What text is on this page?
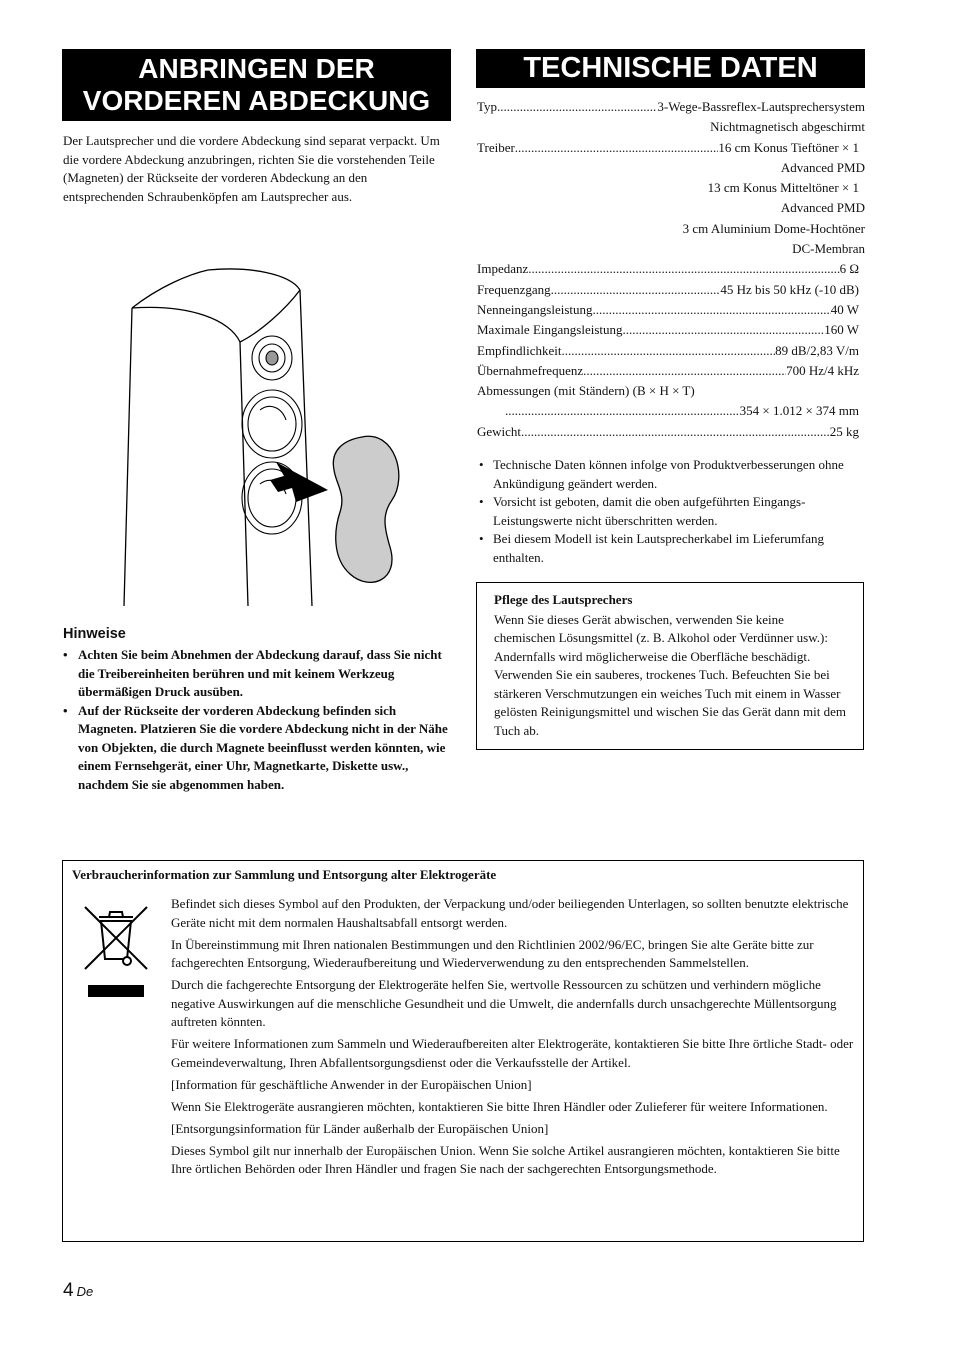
ANBRINGEN DER
VORDEREN ABDECKUNG
TECHNISCHE DATEN
Der Lautsprecher und die vordere Abdeckung sind separat verpackt. Um die vordere Abdeckung anzubringen, richten Sie die vorstehenden Teile (Magneten) der Rückseite der vorderen Abdeckung an den entsprechenden Schraubenköpfen am Lautsprecher aus.
Hinweise
• Achten Sie beim Abnehmen der Abdeckung darauf, dass Sie nicht die Treibereinheiten berühren und mit keinem Werkzeug übermäßigen Druck ausüben.
• Auf der Rückseite der vorderen Abdeckung befinden sich Magneten. Platzieren Sie die vordere Abdeckung nicht in der Nähe von Objekten, die durch Magnete beeinflusst werden könnten, wie einem Fernsehgerät, einer Uhr, Magnetkarte, Diskette usw., nachdem Sie sie abgenommen haben.
Typ .....	3-Wege-Bassreflex-Lautsprechersystem
Nichtmagnetisch abgeschirmt
Treiber .....	16 cm Konus Tieftöner × 1
Advanced PMD
13 cm Konus Mitteltöner × 1
Advanced PMD
3 cm Aluminium Dome-Hochtöner
DC-Membran
Impedanz .....	6 Ω
Frequenzgang .....	45 Hz bis 50 kHz (-10 dB)
Nenneingangsleistung .....	40 W
Maximale Eingangsleistung .....	160 W
Empfindlichkeit .....	89 dB/2,83 V/m
Übernahmefrequenz .....	700 Hz/4 kHz
Abmessungen (mit Ständern) (B × H × T)
.....
354 × 1.012 × 374 mm
Gewicht .....	25 kg
• Technische Daten können infolge von Produktverbesserungen ohne Ankündigung geändert werden.
• Vorsicht ist geboten, damit die oben aufgeführten Eingangs-Leistungswerte nicht überschritten werden.
• Bei diesem Modell ist kein Lautsprecherkabel im Lieferumfang enthalten.
Pflege des Lautsprechers
Wenn Sie dieses Gerät abwischen, verwenden Sie keine chemischen Lösungsmittel (z. B. Alkohol oder Verdünner usw.): Andernfalls wird möglicherweise die Oberfläche beschädigt. Verwenden Sie ein sauberes, trockenes Tuch. Befeuchten Sie bei stärkeren Verschmutzungen ein weiches Tuch mit einem in Wasser gelösten Reinigungsmittel und wischen Sie das Gerät dann mit dem Tuch ab.
Verbraucherinformation zur Sammlung und Entsorgung alter Elektrogeräte

Befindet sich dieses Symbol auf den Produkten, der Verpackung und/oder beiliegenden Unterlagen, so sollten benutzte elektrische Geräte nicht mit dem normalen Haushaltsabfall entsorgt werden.

In Übereinstimmung mit Ihren nationalen Bestimmungen und den Richtlinien 2002/96/EC, bringen Sie alte Geräte bitte zur fachgerechten Entsorgung, Wiederaufbereitung und Wiederverwendung zu den entsprechenden Sammelstellen.

Durch die fachgerechte Entsorgung der Elektrogeräte helfen Sie, wertvolle Ressourcen zu schützen und verhindern mögliche negative Auswirkungen auf die menschliche Gesundheit und die Umwelt, die andernfalls durch unsachgerechte Müllentsorgung auftreten könnten.

Für weitere Informationen zum Sammeln und Wiederaufbereiten alter Elektrogeräte, kontaktieren Sie bitte Ihre örtliche Stadt- oder Gemeindeverwaltung, Ihren Abfallentsorgungsdienst oder die Verkaufsstelle der Artikel.

[Information für geschäftliche Anwender in der Europäischen Union]

Wenn Sie Elektrogeräte ausrangieren möchten, kontaktieren Sie bitte Ihren Händler oder Zulieferer für weitere Informationen.

[Entsorgungsinformation für Länder außerhalb der Europäischen Union]

Dieses Symbol gilt nur innerhalb der Europäischen Union. Wenn Sie solche Artikel ausrangieren möchten, kontaktieren Sie bitte Ihre örtlichen Behörden oder Ihren Händler und fragen Sie nach der sachgerechten Entsorgungsmethode.

4 De
